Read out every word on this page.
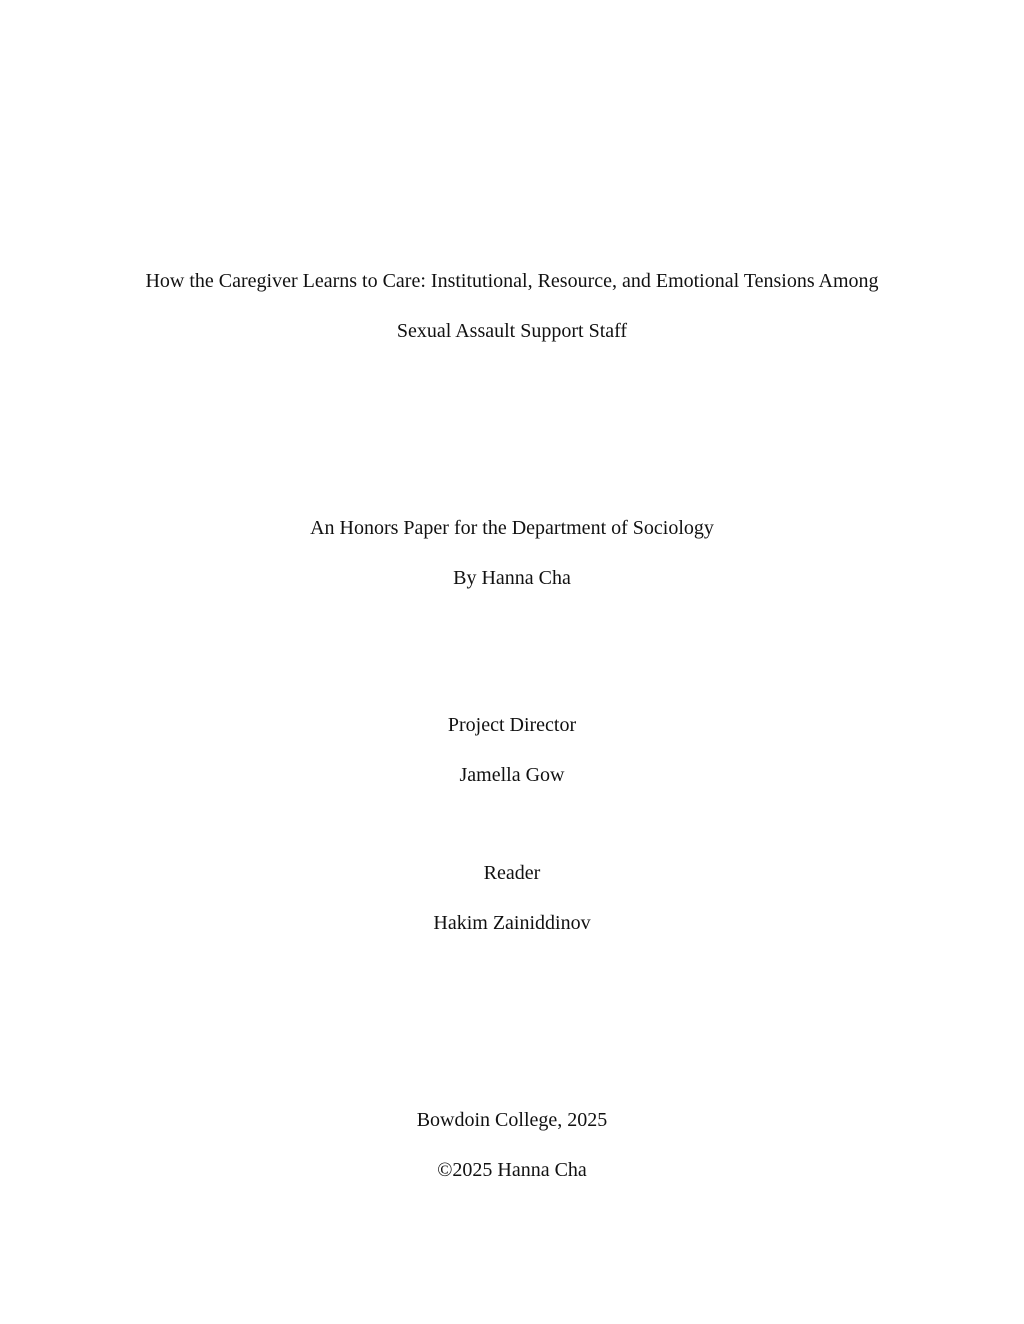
How the Caregiver Learns to Care: Institutional, Resource, and Emotional Tensions Among
Sexual Assault Support Staff

An Honors Paper for the Department of Sociology

By Hanna Cha

Project Director

Jamella Gow

Reader

Hakim Zainiddinov

Bowdoin College, 2025

©2025 Hanna Cha
